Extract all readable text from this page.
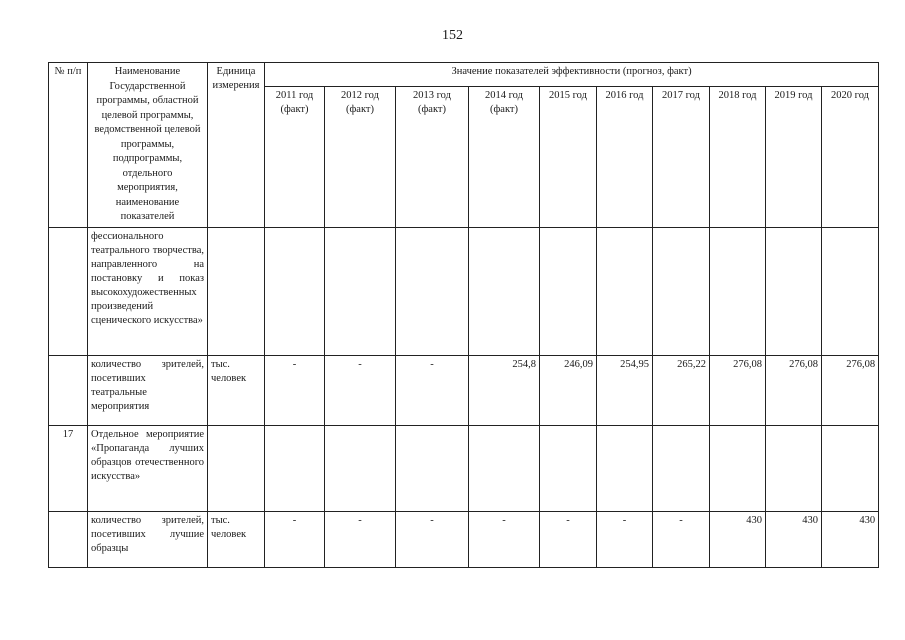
152
№ п/п	Наименование Государственной программы, областной целевой программы, ведомственной целевой программы, подпрограммы, отдельного мероприятия, наименование показателей	Единица измерения	Значение показателей эффективности (прогноз, факт)									
			2011 год (факт)	2012 год (факт)	2013 год (факт)	2014 год (факт)	2015 год	2016 год	2017 год	2018 год	2019 год	2020 год
	фессионального театрального творчества, направленного на постановку и показ высокохудожественных произведений сценического искусства»											
	количество зрителей, посетивших театральные мероприятия	тыс. человек	-	-	-	254,8	246,09	254,95	265,22	276,08	276,08	276,08
17	Отдельное мероприятие «Пропаганда лучших образцов отечественного искусства»											
	количество зрителей, посетивших лучшие образцы	тыс. человек	-	-	-	-	-	-	-	430	430	430
